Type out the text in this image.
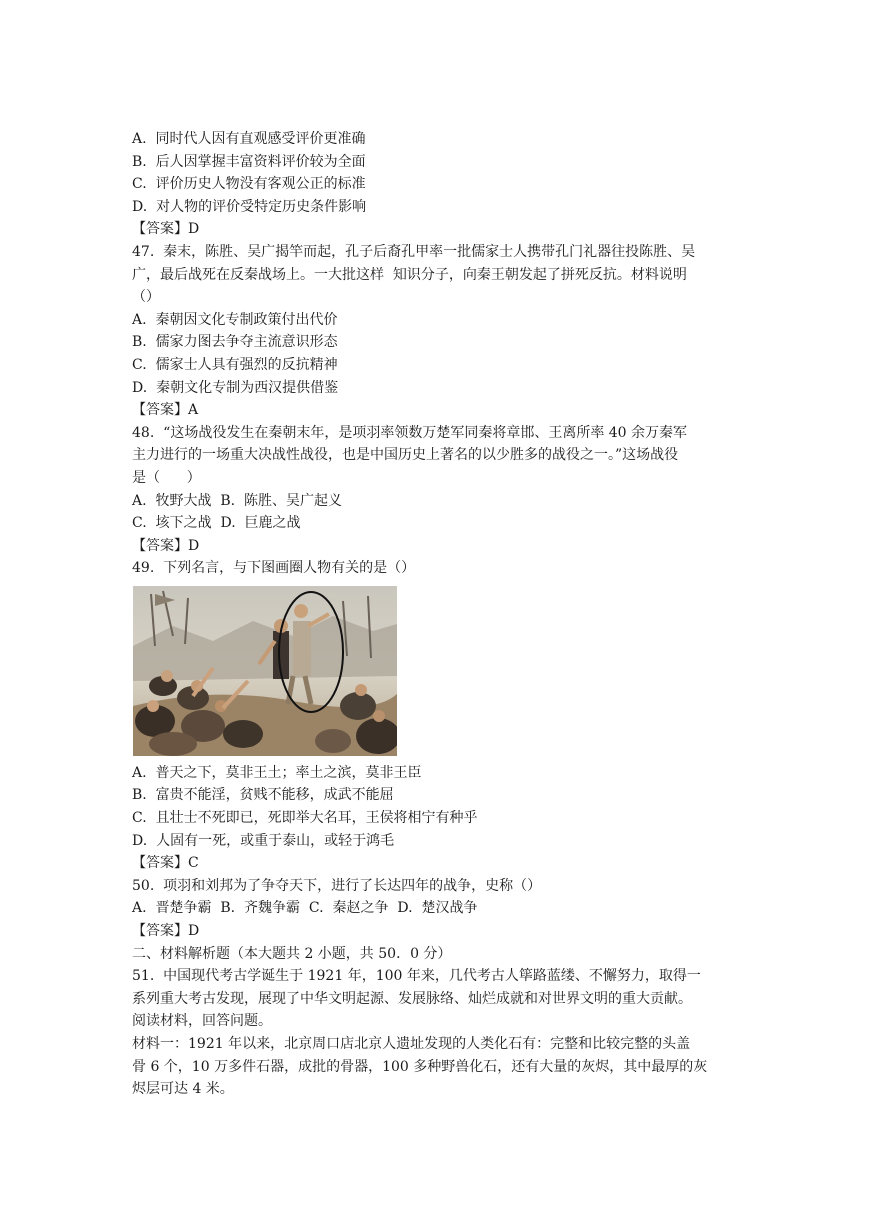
A.  同时代人因有直观感受评价更准确

B.  后人因掌握丰富资料评价较为全面

C.  评价历史人物没有客观公正的标准

D.  对人物的评价受特定历史条件影响

【答案】D

47.  秦末，陈胜、吴广揭竿而起，孔子后裔孔甲率一批儒家士人携带孔门礼器往投陈胜、吴

广，最后战死在反秦战场上。一大批这样  知识分子，向秦王朝发起了拼死反抗。材料说明

（）

A.  秦朝因文化专制政策付出代价

B.  儒家力图去争夺主流意识形态

C.  儒家士人具有强烈的反抗精神

D.  秦朝文化专制为西汉提供借鉴

【答案】A

48.  “这场战役发生在秦朝末年，是项羽率领数万楚军同秦将章邯、王离所率 40 余万秦军

主力进行的一场重大决战性战役，也是中国历史上著名的以少胜多的战役之一。”这场战役

是（      ）

A.  牧野大战  B.  陈胜、吴广起义

C.  垓下之战  D.  巨鹿之战

【答案】D

49.  下列名言，与下图画圈人物有关的是（）

A.  普天之下，莫非王土；率土之滨，莫非王臣

B.  富贵不能淫，贫贱不能移，成武不能屈

C.  且壮士不死即已，死即举大名耳，王侯将相宁有种乎

D.  人固有一死，或重于泰山，或轻于鸿毛

【答案】C

50.  项羽和刘邦为了争夺天下，进行了长达四年的战争，史称（）

A.  晋楚争霸  B.  齐魏争霸  C.  秦赵之争  D.  楚汉战争

【答案】D

二、材料解析题（本大题共 2 小题，共 50．0 分）

51.  中国现代考古学诞生于 1921 年，100 年来，几代考古人筚路蓝缕、不懈努力，取得一

系列重大考古发现，展现了中华文明起源、发展脉络、灿烂成就和对世界文明的重大贡献。

阅读材料，回答问题。

材料一：1921 年以来，北京周口店北京人遗址发现的人类化石有：完整和比较完整的头盖

骨 6 个，10 万多件石器，成批的骨器，100 多种野兽化石，还有大量的灰烬，其中最厚的灰

烬层可达 4 米。
